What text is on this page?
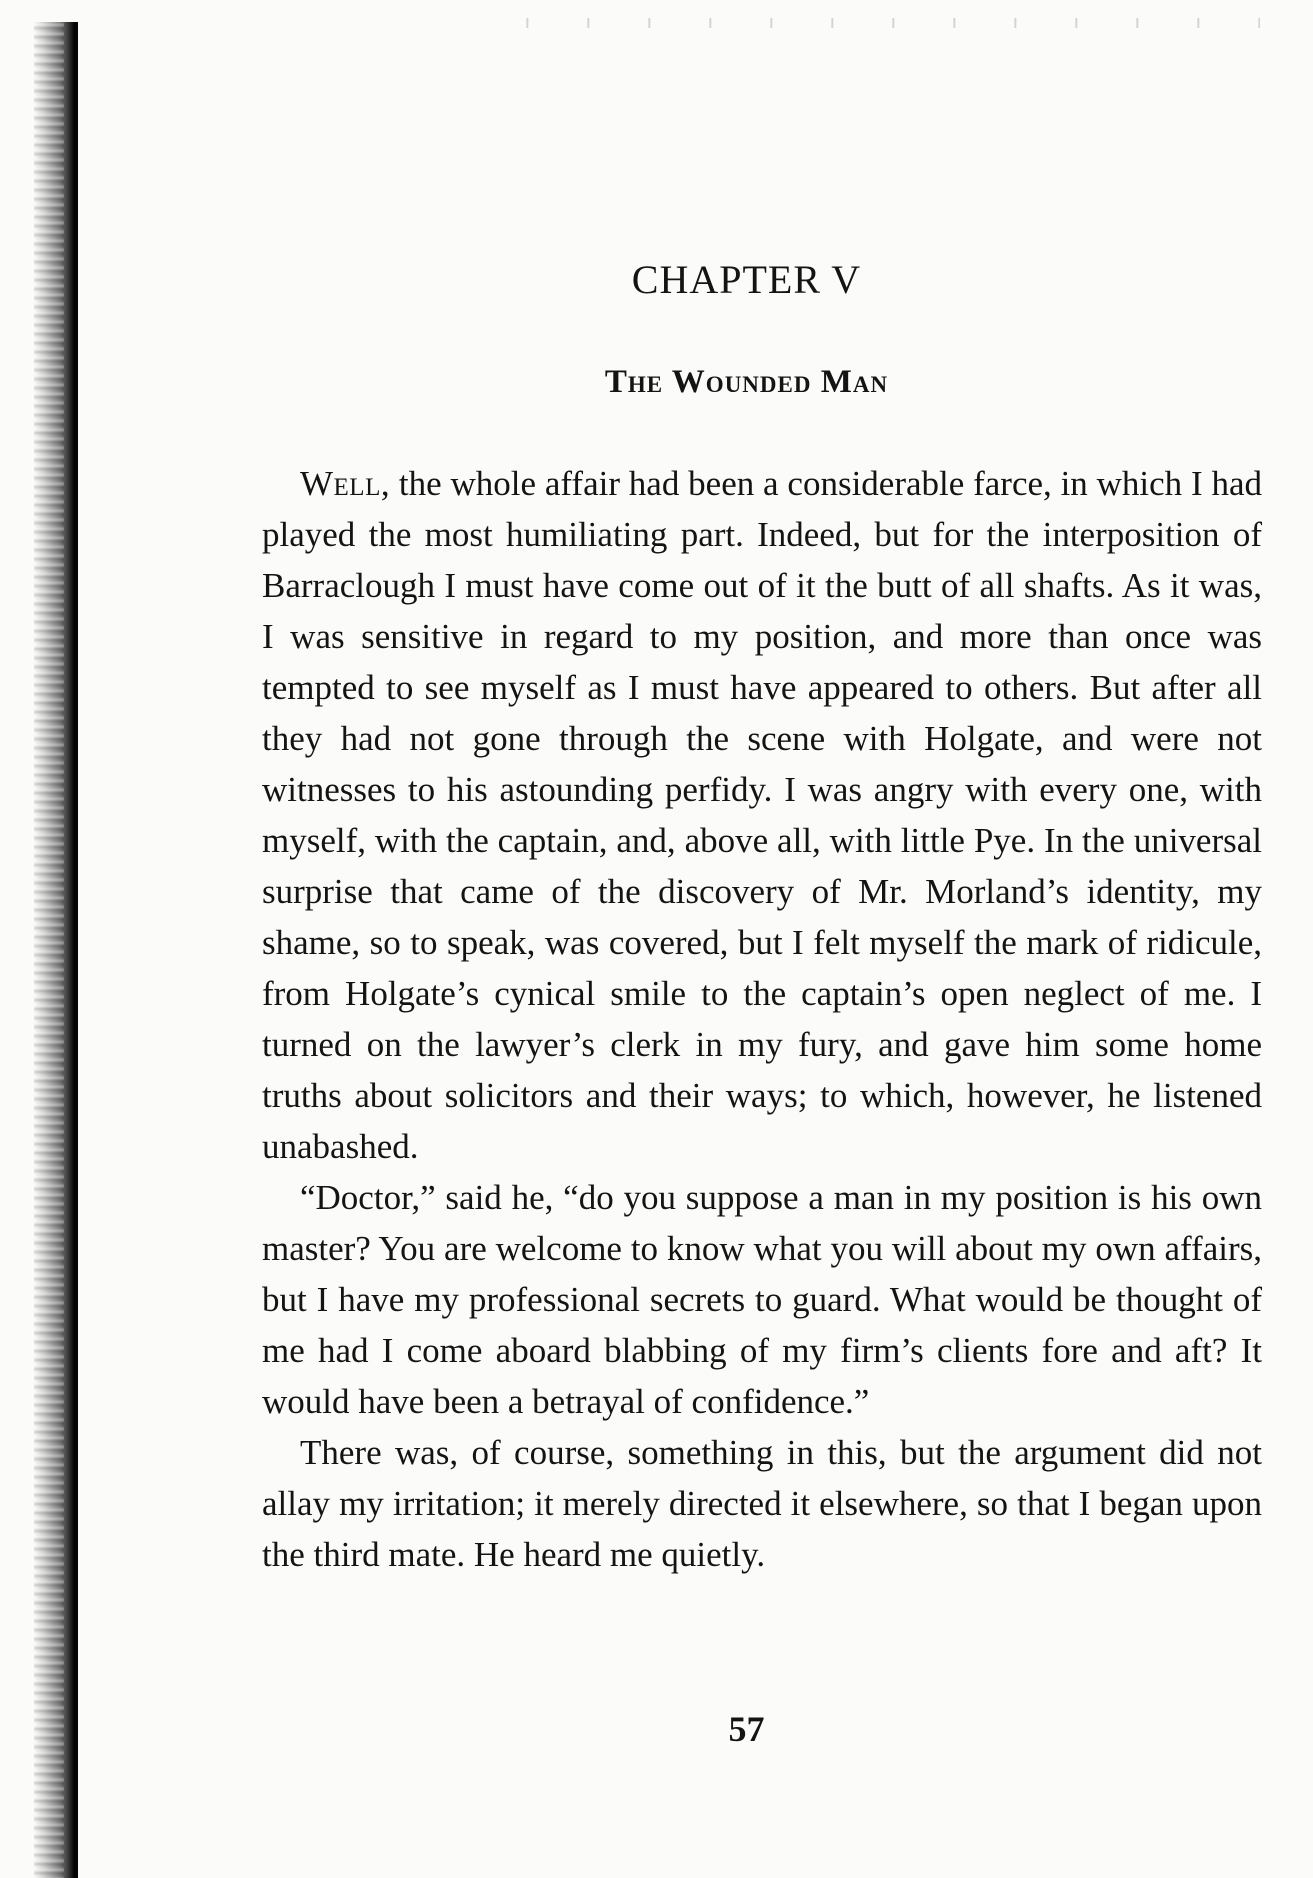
CHAPTER V
The Wounded Man

Well, the whole affair had been a considerable farce, in which I had played the most humiliating part. Indeed, but for the interposition of Barraclough I must have come out of it the butt of all shafts. As it was, I was sensitive in regard to my position, and more than once was tempted to see myself as I must have appeared to others. But after all they had not gone through the scene with Holgate, and were not witnesses to his astounding perfidy. I was angry with every one, with myself, with the captain, and, above all, with little Pye. In the universal surprise that came of the discovery of Mr. Morland’s identity, my shame, so to speak, was covered, but I felt myself the mark of ridicule, from Holgate’s cynical smile to the captain’s open neglect of me. I turned on the lawyer’s clerk in my fury, and gave him some home truths about solicitors and their ways; to which, however, he listened unabashed.

“Doctor,” said he, “do you suppose a man in my position is his own master? You are welcome to know what you will about my own affairs, but I have my professional secrets to guard. What would be thought of me had I come aboard blabbing of my firm’s clients fore and aft? It would have been a betrayal of confidence.”

There was, of course, something in this, but the argument did not allay my irritation; it merely directed it elsewhere, so that I began upon the third mate. He heard me quietly.

57
